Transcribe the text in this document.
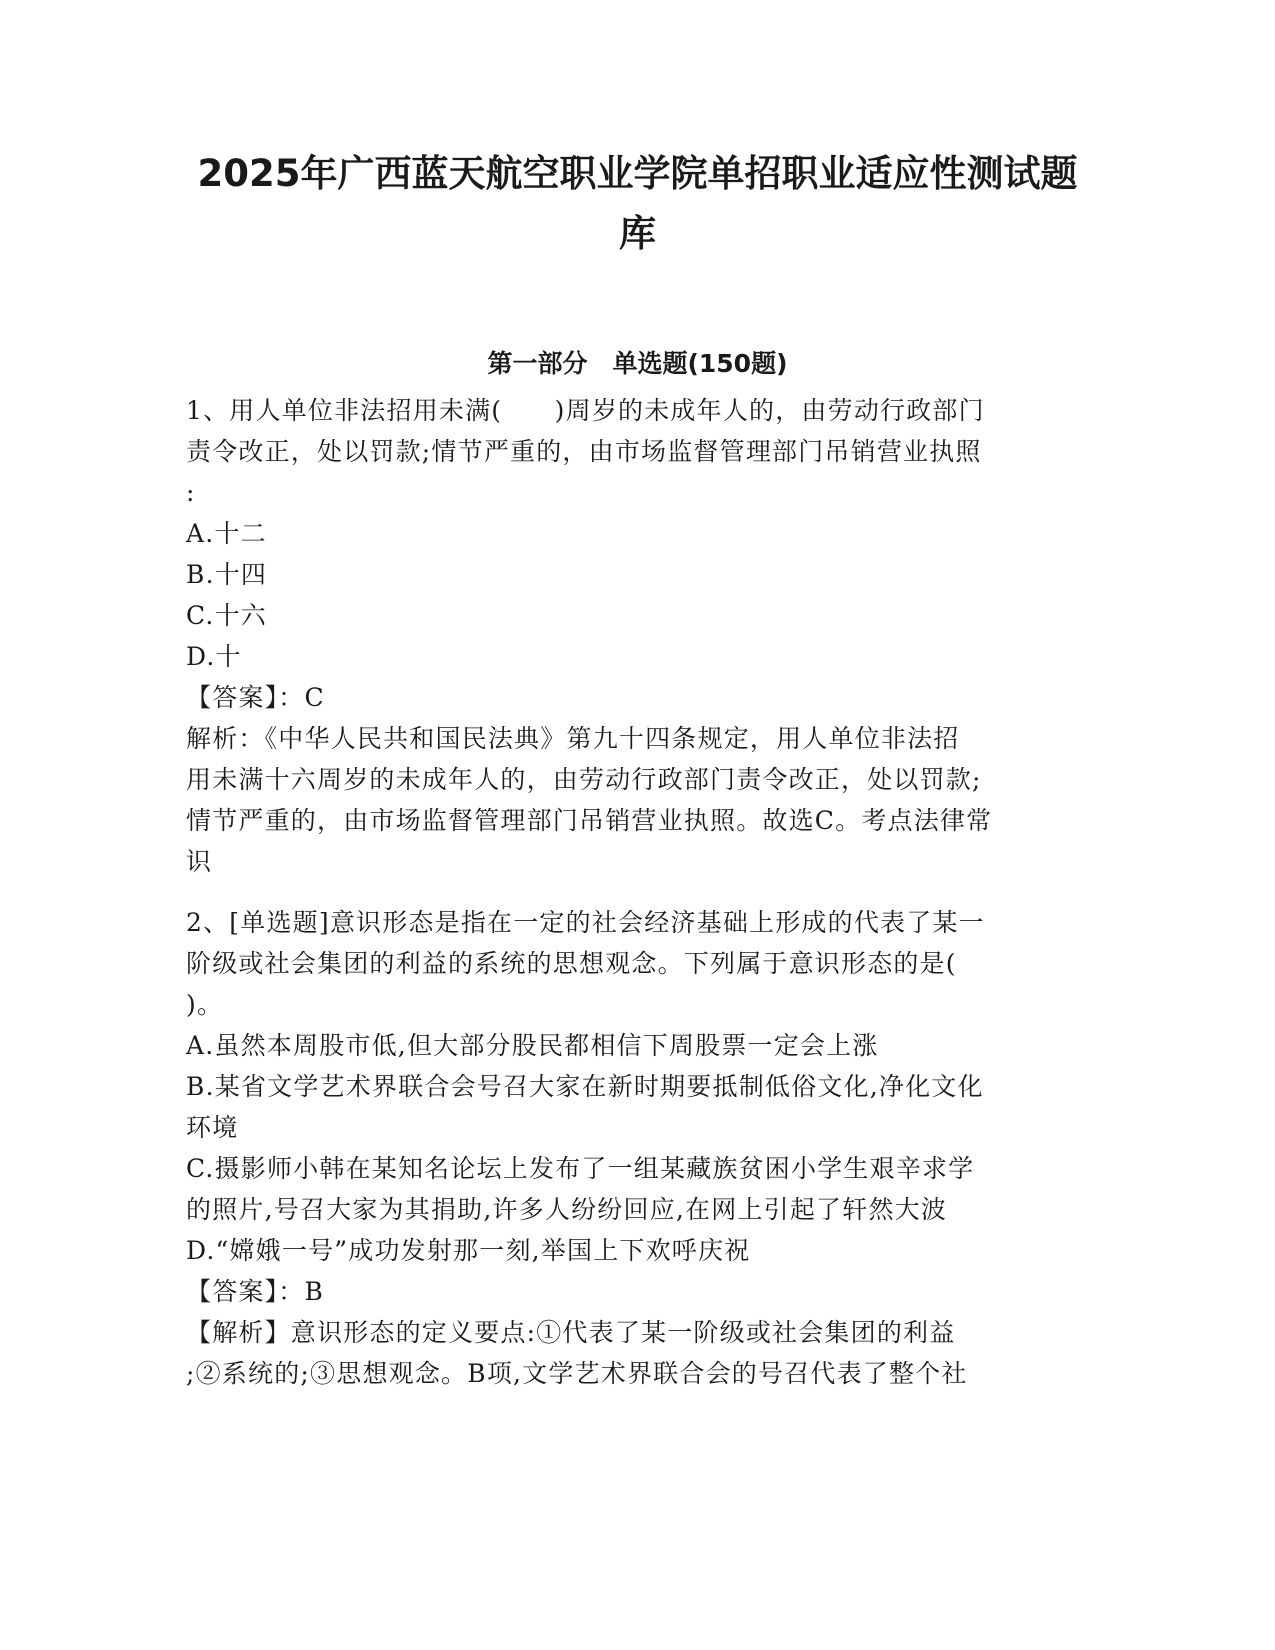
2025年广西蓝天航空职业学院单招职业适应性测试题
库
第一部分　单选题(150题)
1、用人单位非法招用未满(　　)周岁的未成年人的，由劳动行政部门
责令改正，处以罚款;情节严重的，由市场监督管理部门吊销营业执照
:
A.十二
B.十四
C.十六
D.十
【答案】：C
解析：《中华人民共和国民法典》第九十四条规定，用人单位非法招
用未满十六周岁的未成年人的，由劳动行政部门责令改正，处以罚款;
情节严重的，由市场监督管理部门吊销营业执照。故选C。考点法律常
识
2、[单选题]意识形态是指在一定的社会经济基础上形成的代表了某一
阶级或社会集团的利益的系统的思想观念。下列属于意识形态的是(
)。
A.虽然本周股市低,但大部分股民都相信下周股票一定会上涨
B.某省文学艺术界联合会号召大家在新时期要抵制低俗文化,净化文化
环境
C.摄影师小韩在某知名论坛上发布了一组某藏族贫困小学生艰辛求学
的照片,号召大家为其捐助,许多人纷纷回应,在网上引起了轩然大波
D.“嫦娥一号”成功发射那一刻,举国上下欢呼庆祝
【答案】：B
【解析】意识形态的定义要点:①代表了某一阶级或社会集团的利益
;②系统的;③思想观念。B项,文学艺术界联合会的号召代表了整个社
